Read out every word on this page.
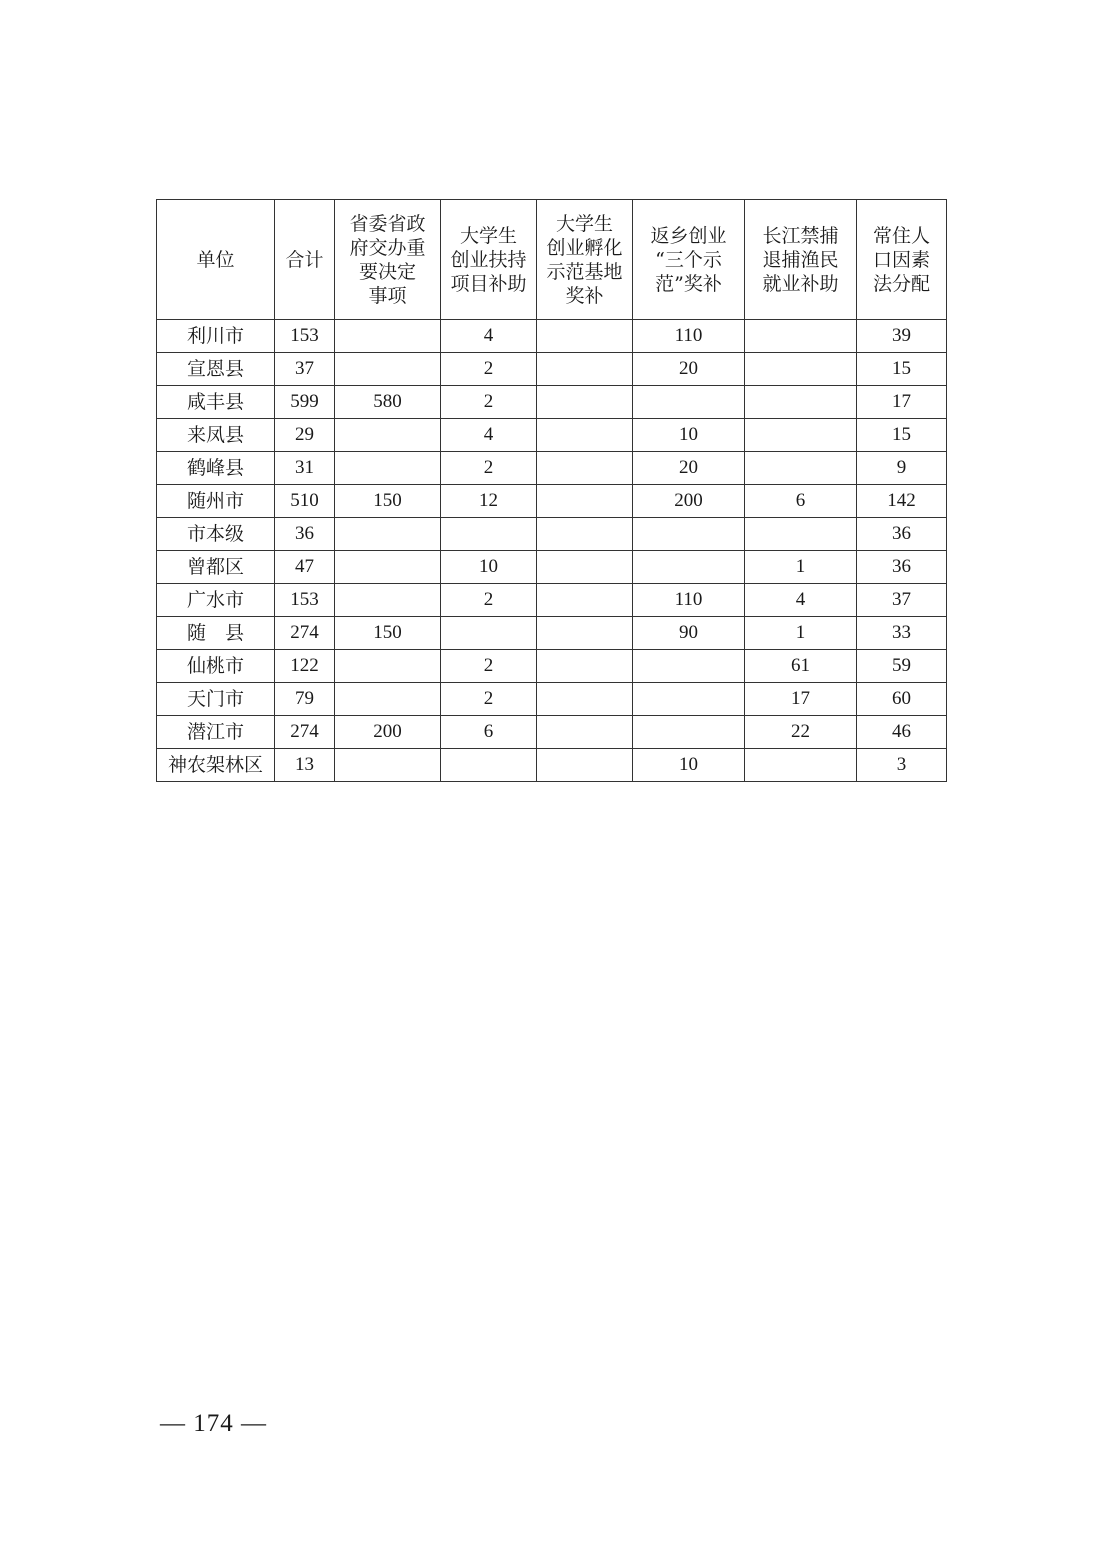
单位	合计	省委省政
府交办重
要决定
事项	大学生
创业扶持
项目补助	大学生
创业孵化
示范基地
奖补	返乡创业
“三个示
范”奖补	长江禁捕
退捕渔民
就业补助	常住人
口因素
法分配

利川市	153		4		110		39
宣恩县	37		2		20		15
咸丰县	599	580	2				17
来凤县	29		4		10		15
鹤峰县	31		2		20		9
随州市	510	150	12		200	6	142
市本级	36						36
曾都区	47		10			1	36
广水市	153		2		110	4	37
随　县	274	150			90	1	33
仙桃市	122		2			61	59
天门市	79		2			17	60
潜江市	274	200	6			22	46
神农架林区	13				10		3
— 174 —
